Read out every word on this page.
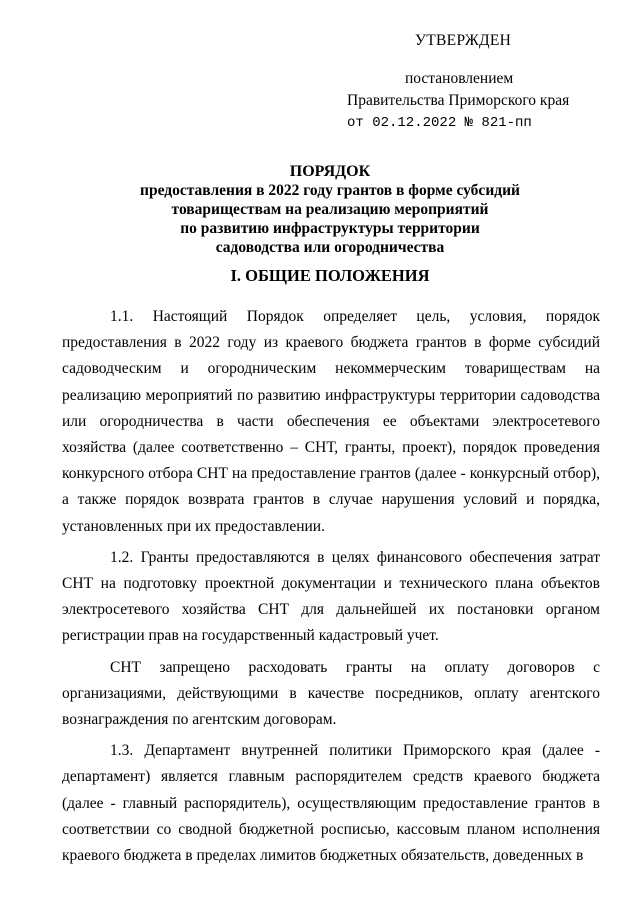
УТВЕРЖДЕН
постановлением
Правительства Приморского края
от 02.12.2022 № 821-пп
ПОРЯДОК
предоставления в 2022 году грантов в форме субсидий
товариществам на реализацию мероприятий
по развитию инфраструктуры территории
садоводства или огородничества
I. ОБЩИЕ ПОЛОЖЕНИЯ

1.1. Настоящий Порядок определяет цель, условия, порядок предоставления в 2022 году из краевого бюджета грантов в форме субсидий садоводческим и огородническим некоммерческим товариществам на реализацию мероприятий по развитию инфраструктуры территории садоводства или огородничества в части обеспечения ее объектами электросетевого хозяйства (далее соответственно – СНТ, гранты, проект), порядок проведения конкурсного отбора СНТ на предоставление грантов (далее - конкурсный отбор), а также порядок возврата грантов в случае нарушения условий и порядка, установленных при их предоставлении.

1.2. Гранты предоставляются в целях финансового обеспечения затрат СНТ на подготовку проектной документации и технического плана объектов электросетевого хозяйства СНТ для дальнейшей их постановки органом регистрации прав на государственный кадастровый учет.

СНТ запрещено расходовать гранты на оплату договоров с организациями, действующими в качестве посредников, оплату агентского вознаграждения по агентским договорам.

1.3. Департамент внутренней политики Приморского края (далее - департамент) является главным распорядителем средств краевого бюджета (далее - главный распорядитель), осуществляющим предоставление грантов в соответствии со сводной бюджетной росписью, кассовым планом исполнения краевого бюджета в пределах лимитов бюджетных обязательств, доведенных в
